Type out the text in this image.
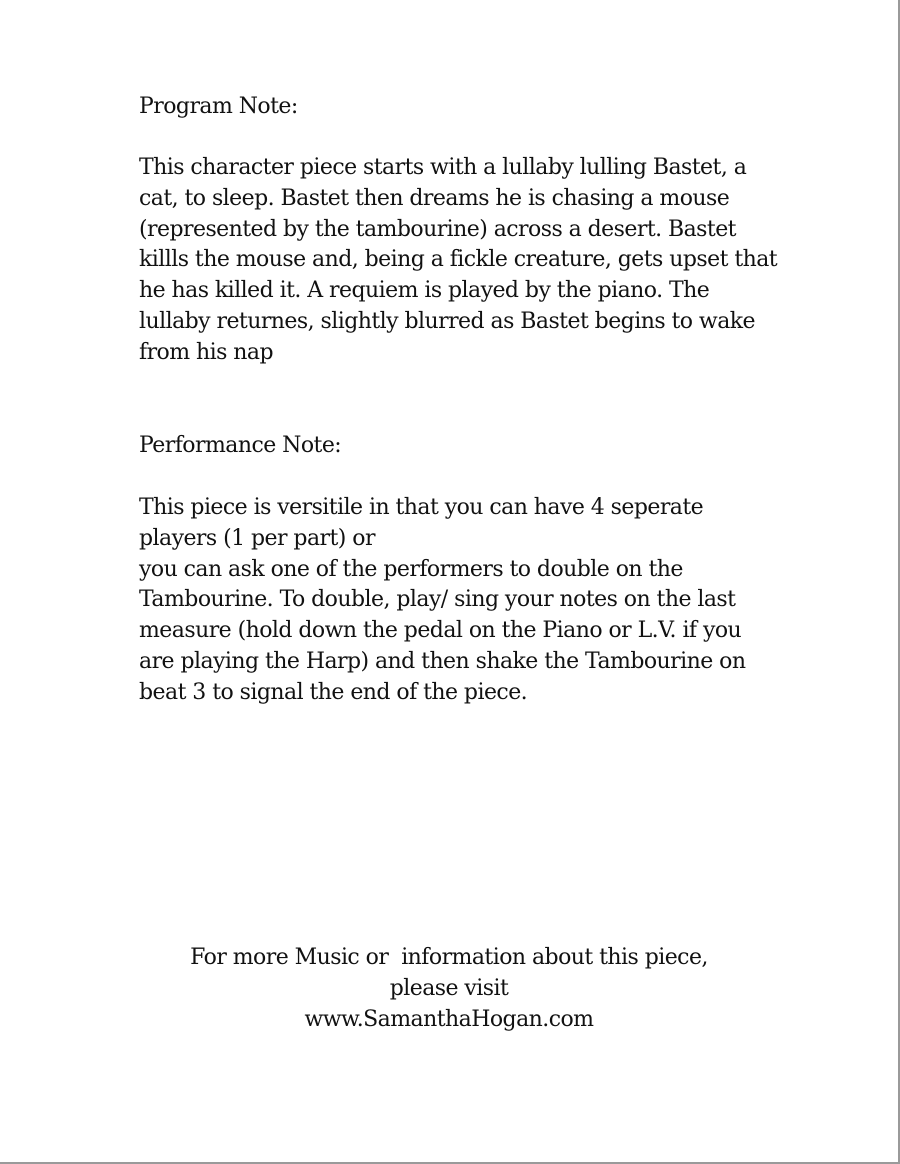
Program Note:
This character piece starts with a lullaby lulling Bastet, a
cat, to sleep. Bastet then dreams he is chasing a mouse
(represented by the tambourine) across a desert. Bastet
killls the mouse and, being a fickle creature, gets upset that
he has killed it. A requiem is played by the piano. The
lullaby returnes, slightly blurred as Bastet begins to wake
from his nap
Performance Note:
This piece is versitile in that you can have 4 seperate
players (1 per part) or
you can ask one of the performers to double on the
Tambourine. To double, play/ sing your notes on the last
measure (hold down the pedal on the Piano or L.V. if you
are playing the Harp) and then shake the Tambourine on
beat 3 to signal the end of the piece.
For more Music or  information about this piece,
please visit
www.SamanthaHogan.com
